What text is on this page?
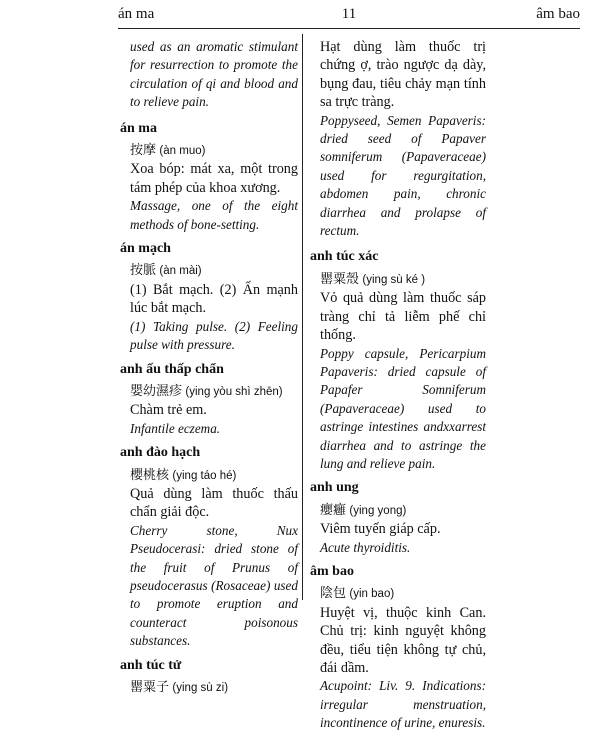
án ma	11	âm bao

used as an aromatic stimulant for resurrection to promote the circulation of qi and blood and to relieve pain.

án ma
按摩 (àn muo)

Xoa bóp: mát xa, một trong tám phép của khoa xương.

Massage, one of the eight methods of bone-setting.

án mạch
按脈 (àn mài)

(1) Bắt mạch. (2) Ấn mạnh lúc bắt mạch.

(1) Taking pulse. (2) Feeling pulse with pressure.

anh ấu thấp chẩn
嬰幼濕疹 (ying yòu shì zhēn)

Chàm trẻ em.

Infantile eczema.

anh đào hạch
櫻桃核 (ying táo hé)

Quả dùng làm thuốc thấu chẩn giải độc.

Cherry stone, Nux Pseudocerasi: dried stone of the fruit of Prunus of pseudocerasus (Rosaceae) used to promote eruption and counteract poisonous substances.

anh túc tử
罌粟子 (ying sù zi)

Hạt dùng làm thuốc trị chứng ợ, trào ngược dạ dày, bụng đau, tiêu chảy mạn tính sa trực tràng.

Poppyseed, Semen Papaveris: dried seed of Papaver somniferum (Papaveraceae) used for regurgitation, abdomen pain, chronic diarrhea and prolapse of rectum.

anh túc xác
罌粟殼 (ying sù ké )

Vỏ quả dùng làm thuốc sáp tràng chỉ tả liễm phế chỉ thống.

Poppy capsule, Pericarpium Papaveris: dried capsule of Papafer Somniferum (Papaveraceae) used to astringe intestines andxxarrest diarrhea and to astringe the lung and relieve pain.

anh ung
癭癰 (ying yong)

Viêm tuyến giáp cấp.

Acute thyroiditis.

âm bao
陰包 (yin bao)

Huyệt vị, thuộc kinh Can. Chủ trị: kinh nguyệt không đều, tiểu tiện không tự chủ, đái dầm.

Acupoint: Liv. 9. Indications: irregular menstruation, incontinence of urine, enuresis.
